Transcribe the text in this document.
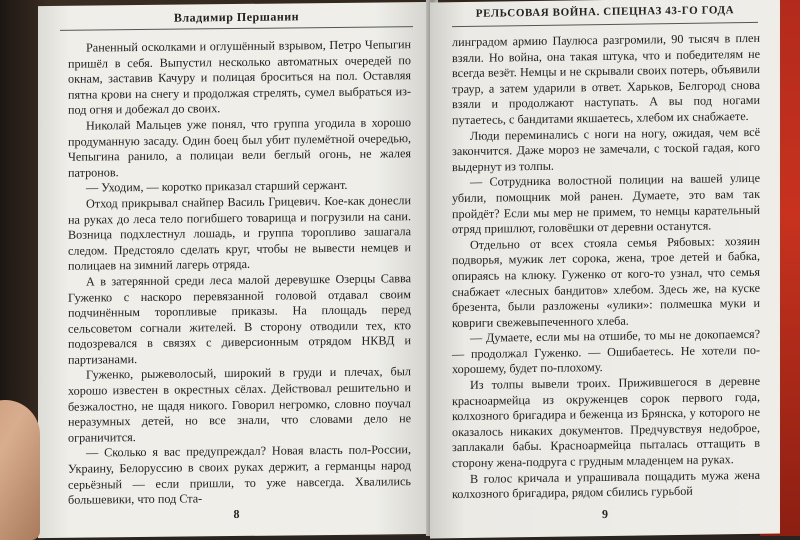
Владимир Першанин

Раненный осколками и оглушённый взрывом, Петро Чепыгин пришёл в себя. Выпустил несколько автоматных очередей по окнам, заставив Качуру и полицая броситься на пол. Оставляя пятна крови на снегу и продолжая стрелять, сумел выбраться из-под огня и добежал до своих.

Николай Мальцев уже понял, что группа угодила в хорошо продуманную засаду. Один боец был убит пулемётной очередью, Чепыгина ранило, а полицаи вели беглый огонь, не жалея патронов.

— Уходим, — коротко приказал старший сержант.

Отход прикрывал снайпер Василь Грицевич. Кое-как донесли на руках до леса тело погибшего товарища и погрузили на сани. Возница подхлестнул лошадь, и группа торопливо зашагала следом. Предстояло сделать круг, чтобы не вывести немцев и полицаев на зимний лагерь отряда.

А в затерянной среди леса малой деревушке Озерцы Савва Гуженко с наскоро перевязанной головой отдавал своим подчинённым торопливые приказы. На площадь перед сельсоветом согнали жителей. В сторону отводили тех, кто подозревался в связях с диверсионным отрядом НКВД и партизанами.

Гуженко, рыжеволосый, широкий в груди и плечах, был хорошо известен в окрестных сёлах. Действовал решительно и безжалостно, не щадя никого. Говорил негромко, словно поучал неразумных детей, но все знали, что словами дело не ограничится.

— Сколько я вас предупреждал? Новая власть пол-России, Украину, Белоруссию в своих руках держит, а германцы народ серьёзный — если пришли, то уже навсегда. Хвалились большевики, что под Ста-

8
РЕЛЬСОВАЯ ВОЙНА. СПЕЦНАЗ 43-ГО ГОДА

линградом армию Паулюса разгромили, 90 тысяч в плен взяли. Но война, она такая штука, что и победителям не всегда везёт. Немцы и не скрывали своих потерь, объявили траур, а затем ударили в ответ. Харьков, Белгород снова взяли и продолжают наступать. А вы под ногами путаетесь, с бандитами якшаетесь, хлебом их снабжаете.

Люди переминались с ноги на ногу, ожидая, чем всё закончится. Даже мороз не замечали, с тоской гадая, кого выдернут из толпы.

— Сотрудника волостной полиции на вашей улице убили, помощник мой ранен. Думаете, это вам так пройдёт? Если мы мер не примем, то немцы карательный отряд пришлют, головёшки от деревни останутся.

Отдельно от всех стояла семья Рябовых: хозяин подворья, мужик лет сорока, жена, трое детей и бабка, опираясь на клюку. Гуженко от кого-то узнал, что семья снабжает «лесных бандитов» хлебом. Здесь же, на куске брезента, были разложены «улики»: полмешка муки и ковриги свежевыпеченного хлеба.

— Думаете, если мы на отшибе, то мы не докопаемся? — продолжал Гуженко. — Ошибаетесь. Не хотели по-хорошему, будет по-плохому.

Из толпы вывели троих. Прижившегося в деревне красноармейца из окруженцев сорок первого года, колхозного бригадира и беженца из Брянска, у которого не оказалось никаких документов. Предчувствуя недоброе, заплакали бабы. Красноармейца пыталась оттащить в сторону жена-подруга с грудным младенцем на руках.

В голос кричала и упрашивала пощадить мужа жена колхозного бригадира, рядом сбились гурьбой

9
